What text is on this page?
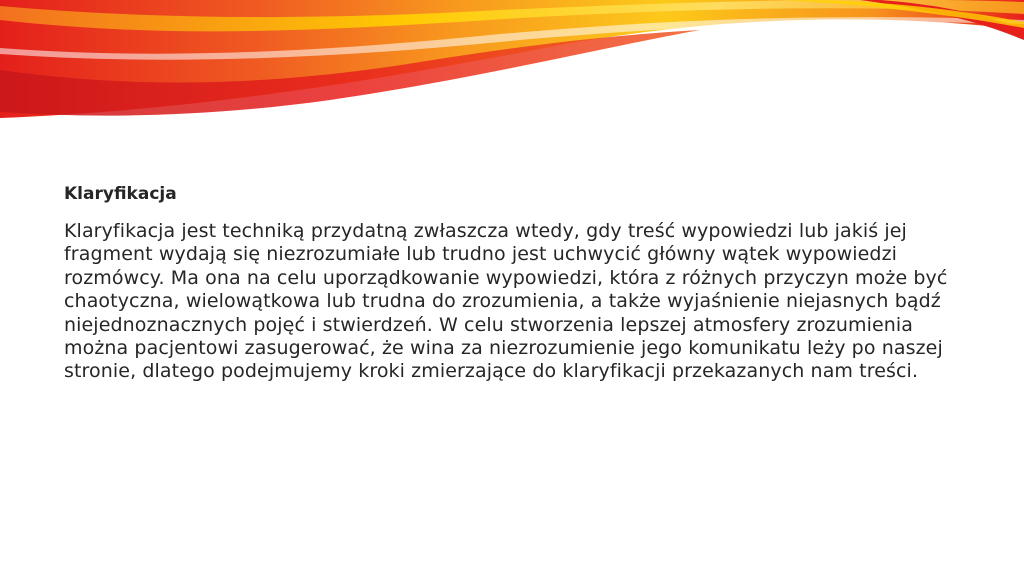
Klaryfikacja

Klaryfikacja jest techniką przydatną zwłaszcza wtedy, gdy treść wypowiedzi lub jakiś jej fragment wydają się niezrozumiałe lub trudno jest uchwycić główny wątek wypowiedzi rozmówcy. Ma ona na celu uporządkowanie wypowiedzi, która z różnych przyczyn może być chaotyczna, wielowątkowa lub trudna do zrozumienia, a także wyjaśnienie niejasnych bądź niejednoznacznych pojęć i stwierdzeń. W celu stworzenia lepszej atmosfery zrozumienia można pacjentowi zasugerować, że wina za niezrozumienie jego komunikatu leży po naszej stronie, dlatego podejmujemy kroki zmierzające do klaryfikacji przekazanych nam treści.
